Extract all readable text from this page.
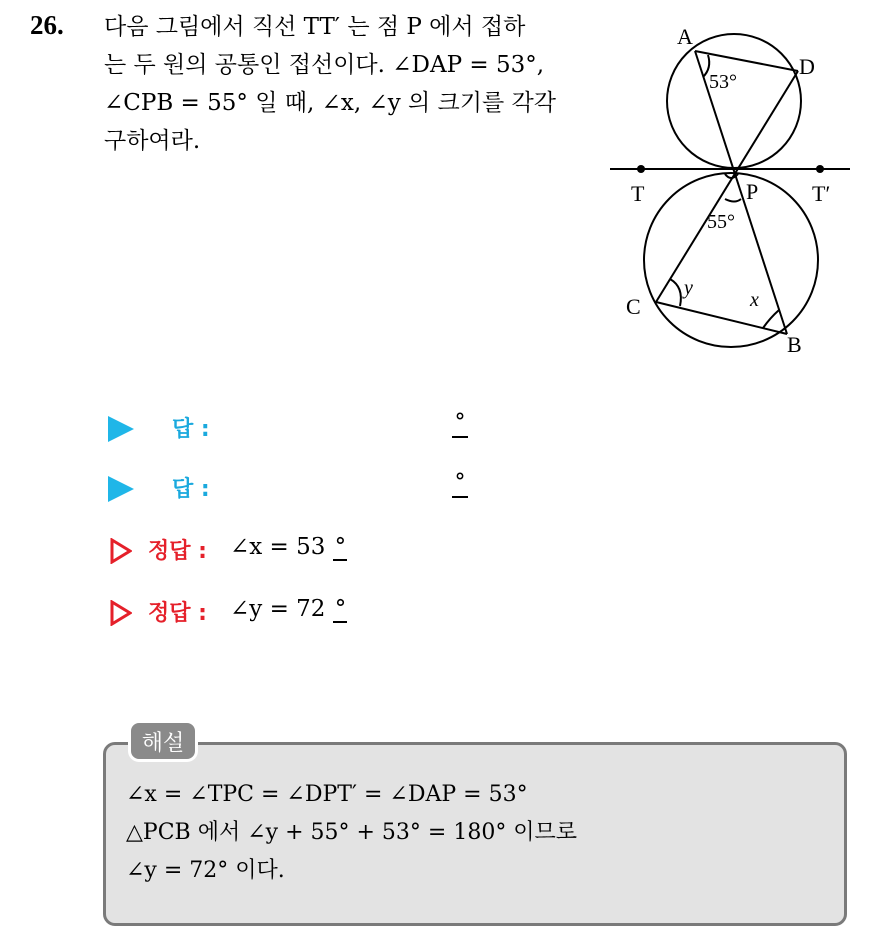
26. 다음 그림에서 직선 TT′ 는 점 P 에서 접하
는 두 원의 공통인 접선이다. ∠DAP = 53°,
∠CPB = 55° 일 때, ∠x, ∠y 의 크기를 각각
구하여라.
A
D
T	P T′
C
B
53°
55°
y
x
답 :	°
답 :	°
정답 : ∠x = 53 °
정답 : ∠y = 72 °
해설
∠x = ∠TPC = ∠DPT′ = ∠DAP = 53°
△PCB 에서 ∠y + 55° + 53° = 180° 이므로
∠y = 72° 이다.
